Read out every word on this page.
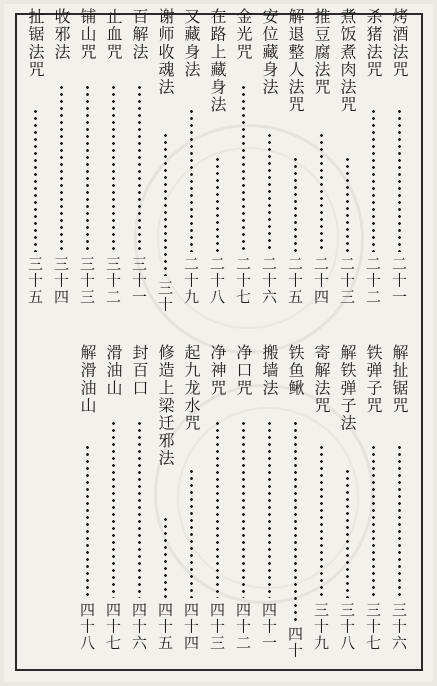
烤酒法咒
二十一
杀猪法咒
二十二
煮饭煮肉法咒
二十三
推豆腐法咒
二十四
解退整人法咒
二十五
安位藏身法
二十六
金光咒
二十七
在路上藏身法
二十八
又藏身法
二十九
谢师收魂法
三十
百解法
三十一
止血咒
三十二
铺山咒
三十三
收邪法
三十四
扯锯法咒
三十五
解扯锯咒
三十六
铁弹子咒
三十七
解铁弹子法
三十八
寄解法咒
三十九
铁鱼鳅
四十
搬墙法
四十一
净口咒
四十二
净神咒
四十三
起九龙水咒
四十四
修造上梁迁邪法
四十五
封百口
四十六
滑油山
四十七
解滑油山
四十八
